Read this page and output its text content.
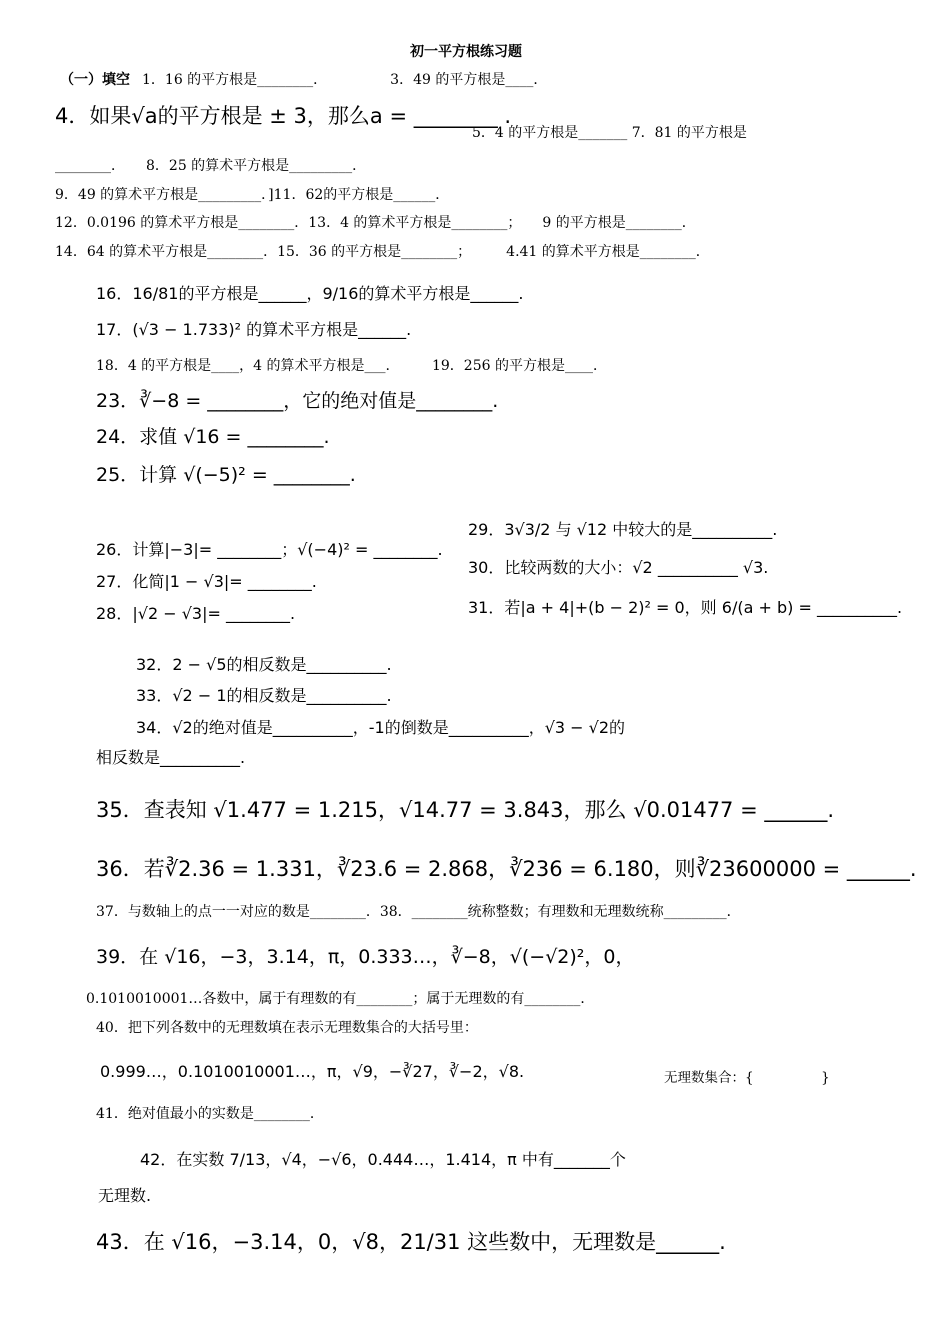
初一平方根练习题
（一）填空 1．16 的平方根是________．　　　　　3．49 的平方根是____．
4．如果√a的平方根是 ± 3，那么a = ________ .
5．4 的平方根是_______ 7．81 的平方根是
________．　　8．25 的算术平方根是_________．
9．49 的算术平方根是_________．]11．62的平方根是______．
12．0.0196 的算术平方根是________．13．4 的算术平方根是________；　　9 的平方根是________．
14．64 的算术平方根是________．15．36 的平方根是________；　　　4.41 的算术平方根是________．
16．16/81的平方根是______，9/16的算术平方根是______.
17．(√3 − 1.733)² 的算术平方根是______.
18．4 的平方根是____，4 的算术平方根是___.　　　19．256 的平方根是____．
23．∛−8 = ________，它的绝对值是________.
24．求值 √16 = ________.
25．计算 √(−5)² = ________.
29．3√3/2 与 √12 中较大的是__________.
26．计算|−3|= ________；√(−4)² = ________.
30．比较两数的大小：√2 __________ √3.
27．化简|1 − √3|= ________.
28．|√2 − √3|= ________.	31．若|a + 4|+(b − 2)² = 0，则 6/(a + b) = __________.
32．2 − √5的相反数是__________.
33．√2 − 1的相反数是__________.
34．√2的绝对值是__________，-1的倒数是__________，√3 − √2的
相反数是__________.
35．查表知 √1.477 = 1.215，√14.77 = 3.843，那么 √0.01477 = ______.
36．若∛2.36 = 1.331，∛23.6 = 2.868，∛236 = 6.180，则∛23600000 = ______.
37．与数轴上的点一一对应的数是________．38．________统称整数；有理数和无理数统称_________．
39．在 √16，−3，3.14，π，0.333…，∛−8，√(−√2)²，0，
0.1010010001…各数中，属于有理数的有________；属于无理数的有________．
40．把下列各数中的无理数填在表示无理数集合的大括号里：
0.999…，0.1010010001…，π，√9，−∛27，∛−2，√8.	无理数集合：{　　　　　}
41．绝对值最小的实数是________．
42．在实数 7/13，√4，−√6，0.444…，1.414，π 中有_______个
无理数.
43．在 √16，−3.14，0，√8，21/31 这些数中，无理数是______.
